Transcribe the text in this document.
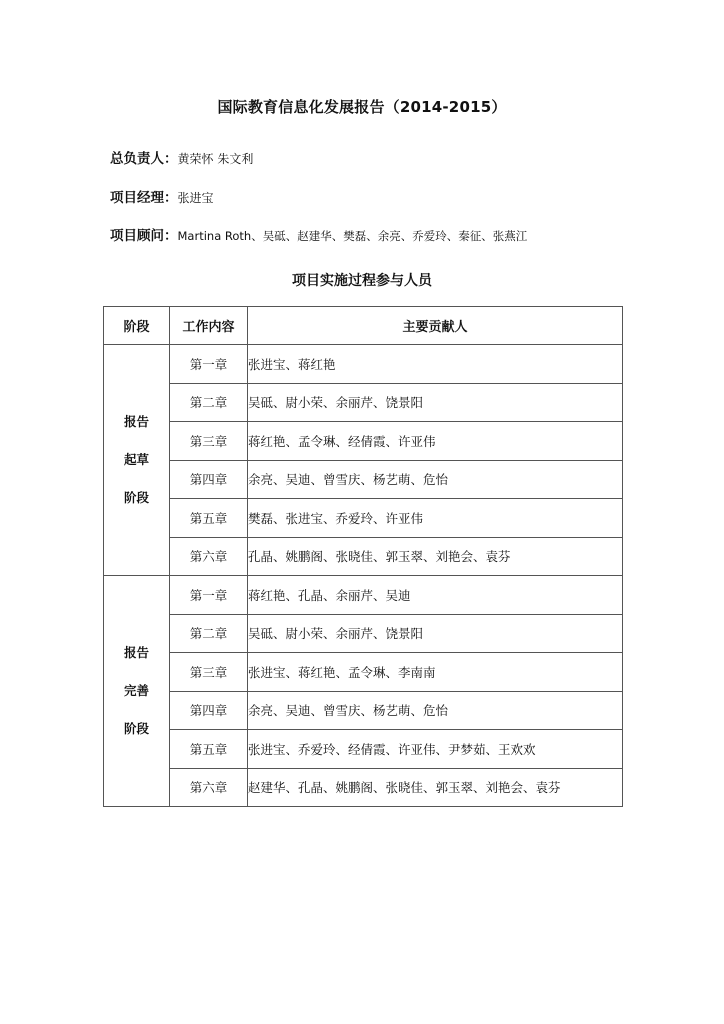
国际教育信息化发展报告（2014-2015）
总负责人：黄荣怀 朱文利
项目经理：张进宝
项目顾问：Martina Roth、吴砥、赵建华、樊磊、余亮、乔爱玲、秦征、张燕江
项目实施过程参与人员
阶段	工作内容	主要贡献人

报告
起草
阶段	第一章	张进宝、蒋红艳
	第二章	吴砥、尉小荣、余丽芹、饶景阳
	第三章	蒋红艳、孟令琳、经倩霞、许亚伟
	第四章	余亮、吴迪、曾雪庆、杨艺萌、危怡
	第五章	樊磊、张进宝、乔爱玲、许亚伟
	第六章	孔晶、姚鹏阁、张晓佳、郭玉翠、刘艳会、袁芬

报告
完善
阶段	第一章	蒋红艳、孔晶、余丽芹、吴迪
	第二章	吴砥、尉小荣、余丽芹、饶景阳
	第三章	张进宝、蒋红艳、孟令琳、李南南
	第四章	余亮、吴迪、曾雪庆、杨艺萌、危怡
	第五章	张进宝、乔爱玲、经倩霞、许亚伟、尹梦茹、王欢欢
	第六章	赵建华、孔晶、姚鹏阁、张晓佳、郭玉翠、刘艳会、袁芬
